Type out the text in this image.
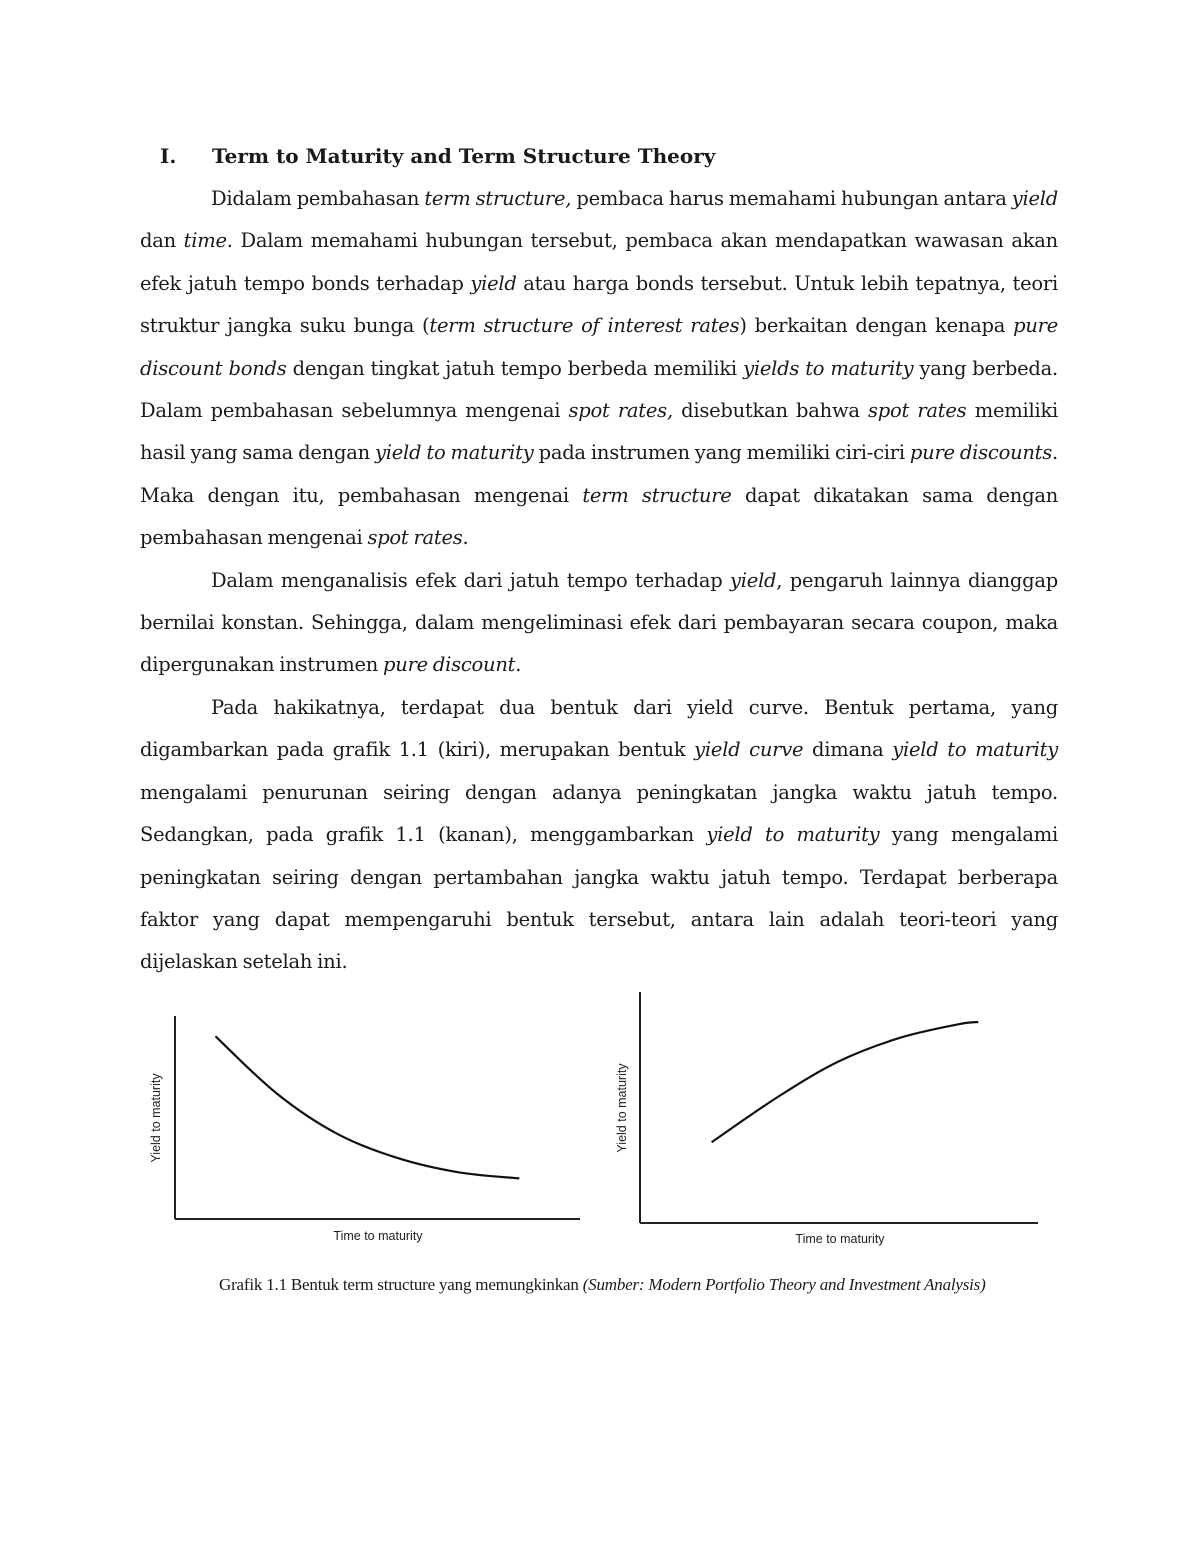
I. Term to Maturity and Term Structure Theory

Didalam pembahasan term structure, pembaca harus memahami hubungan antara yield dan time. Dalam memahami hubungan tersebut, pembaca akan mendapatkan wawasan akan efek jatuh tempo bonds terhadap yield atau harga bonds tersebut. Untuk lebih tepatnya, teori struktur jangka suku bunga (term structure of interest rates) berkaitan dengan kenapa pure discount bonds dengan tingkat jatuh tempo berbeda memiliki yields to maturity yang berbeda. Dalam pembahasan sebelumnya mengenai spot rates, disebutkan bahwa spot rates memiliki hasil yang sama dengan yield to maturity pada instrumen yang memiliki ciri-ciri pure discounts. Maka dengan itu, pembahasan mengenai term structure dapat dikatakan sama dengan pembahasan mengenai spot rates.

Dalam menganalisis efek dari jatuh tempo terhadap yield, pengaruh lainnya dianggap bernilai konstan. Sehingga, dalam mengeliminasi efek dari pembayaran secara coupon, maka dipergunakan instrumen pure discount.

Pada hakikatnya, terdapat dua bentuk dari yield curve. Bentuk pertama, yang digambarkan pada grafik 1.1 (kiri), merupakan bentuk yield curve dimana yield to maturity mengalami penurunan seiring dengan adanya peningkatan jangka waktu jatuh tempo. Sedangkan, pada grafik 1.1 (kanan), menggambarkan yield to maturity yang mengalami peningkatan seiring dengan pertambahan jangka waktu jatuh tempo. Terdapat berberapa faktor yang dapat mempengaruhi bentuk tersebut, antara lain adalah teori-teori yang dijelaskan setelah ini.

Time to maturity
Yield to maturity
Time to maturity
Yield to maturity
Grafik 1.1 Bentuk term structure yang memungkinkan (Sumber: Modern Portfolio Theory and Investment Analysis)
